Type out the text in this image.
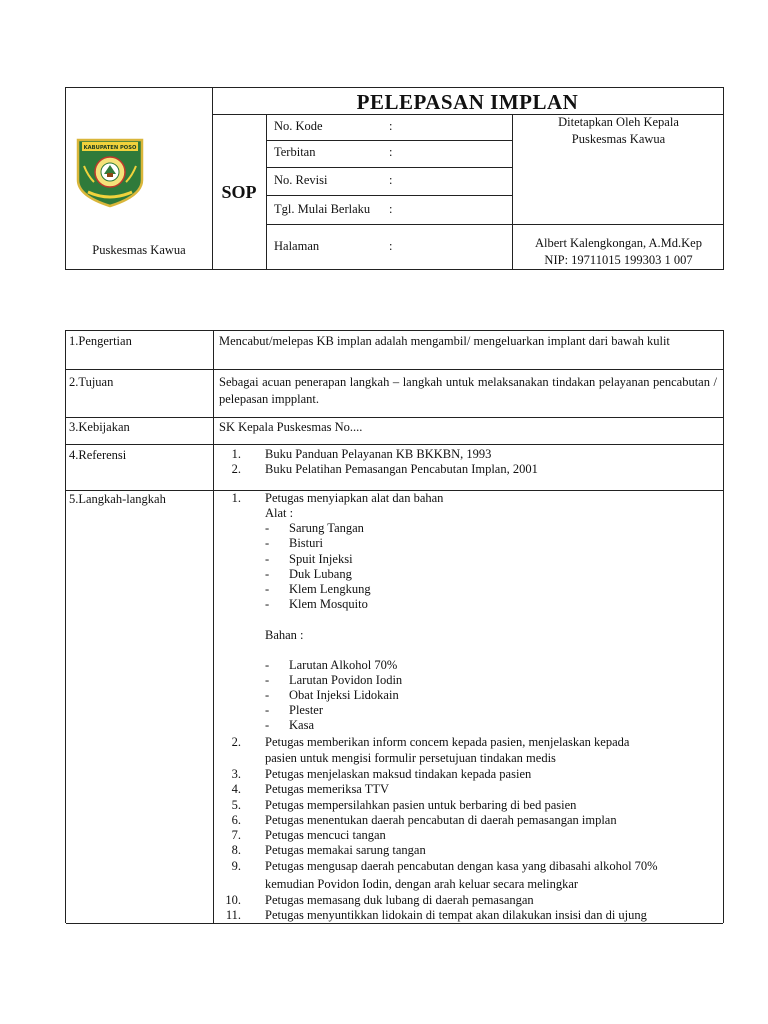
PELEPASAN IMPLAN
SOP
KABUPATEN POSO
Puskesmas Kawua
No. Kode	:
Terbitan	:
No. Revisi	:
Tgl. Mulai Berlaku :
Halaman	:
Ditetapkan Oleh Kepala
Puskesmas Kawua
Albert Kalengkongan, A.Md.Kep
NIP: 19711015 199303 1 007
1.Pengertian	Mencabut/melepas KB implan adalah mengambil/ mengeluarkan implant dari bawah kulit
2.Tujuan	Sebagai acuan penerapan langkah – langkah untuk melaksanakan tindakan pelayanan pencabutan / pelepasan impplant.
3.Kebijakan	SK Kepala Puskesmas No....
4.Referensi	1. Buku Panduan Pelayanan KB BKKBN, 1993
2. Buku Pelatihan Pemasangan Pencabutan Implan, 2001
5.Langkah-langkah	1. Petugas menyiapkan alat dan bahan
Alat :
- Sarung Tangan
- Bisturi
- Spuit Injeksi
- Duk Lubang
- Klem Lengkung
- Klem Mosquito
Bahan :
- Larutan Alkohol 70%
- Larutan Povidon Iodin
- Obat Injeksi Lidokain
- Plester
- Kasa
2. Petugas memberikan inform concem kepada pasien, menjelaskan kepada
pasien untuk mengisi formulir persetujuan tindakan medis
3. Petugas menjelaskan maksud tindakan kepada pasien
4. Petugas memeriksa TTV
5. Petugas mempersilahkan pasien untuk berbaring di bed pasien
6. Petugas menentukan daerah pencabutan di daerah pemasangan implan
7. Petugas mencuci tangan
8. Petugas memakai sarung tangan
9. Petugas mengusap daerah pencabutan dengan kasa yang dibasahi alkohol 70%
kemudian Povidon Iodin, dengan arah keluar secara melingkar
10. Petugas memasang duk lubang di daerah pemasangan
11. Petugas menyuntikkan lidokain di tempat akan dilakukan insisi dan di ujung
